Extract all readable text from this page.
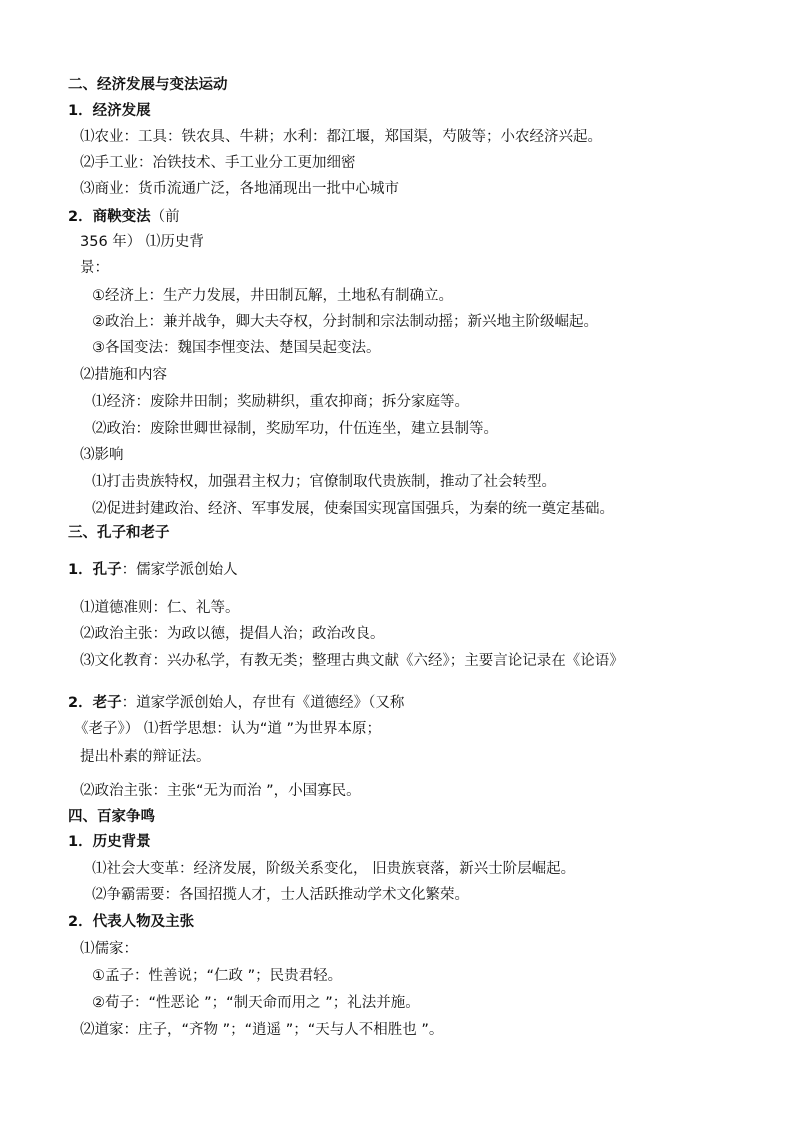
二、经济发展与变法运动
1．经济发展
⑴农业：工具：铁农具、牛耕；水利：都江堰，郑国渠，芍陂等；小农经济兴起。
⑵手工业：冶铁技术、手工业分工更加细密
⑶商业：货币流通广泛，各地涌现出一批中心城市
2．商鞅变法（前
356 年） ⑴历史背
景：
①经济上：生产力发展，井田制瓦解，土地私有制确立。
②政治上：兼并战争，卿大夫夺权，分封制和宗法制动摇；新兴地主阶级崛起。
③各国变法：魏国李悝变法、楚国吴起变法。
⑵措施和内容
⑴经济：废除井田制；奖励耕织，重农抑商；拆分家庭等。
⑵政治：废除世卿世禄制，奖励军功，什伍连坐，建立县制等。
⑶影响
⑴打击贵族特权，加强君主权力；官僚制取代贵族制，推动了社会转型。
⑵促进封建政治、经济、军事发展，使秦国实现富国强兵，为秦的统一奠定基础。
三、孔子和老子
1．孔子：儒家学派创始人
⑴道德准则：仁、礼等。
⑵政治主张：为政以德，提倡人治；政治改良。
⑶文化教育：兴办私学，有教无类；整理古典文献《六经》；主要言论记录在《论语》
2．老子：道家学派创始人，存世有《道德经》（又称
《老子》） ⑴哲学思想：认为“道 ”为世界本原；
提出朴素的辩证法。
⑵政治主张：主张“无为而治 ”，小国寡民。
四、百家争鸣
1．历史背景
⑴社会大变革：经济发展，阶级关系变化， 旧贵族衰落，新兴士阶层崛起。
⑵争霸需要：各国招揽人才，士人活跃推动学术文化繁荣。
2．代表人物及主张
⑴儒家：
①孟子：性善说；“仁政 ”；民贵君轻。
②荀子：“性恶论 ”；“制天命而用之 ”；礼法并施。
⑵道家：庄子，“齐物 ”；“逍遥 ”；“天与人不相胜也 ”。
